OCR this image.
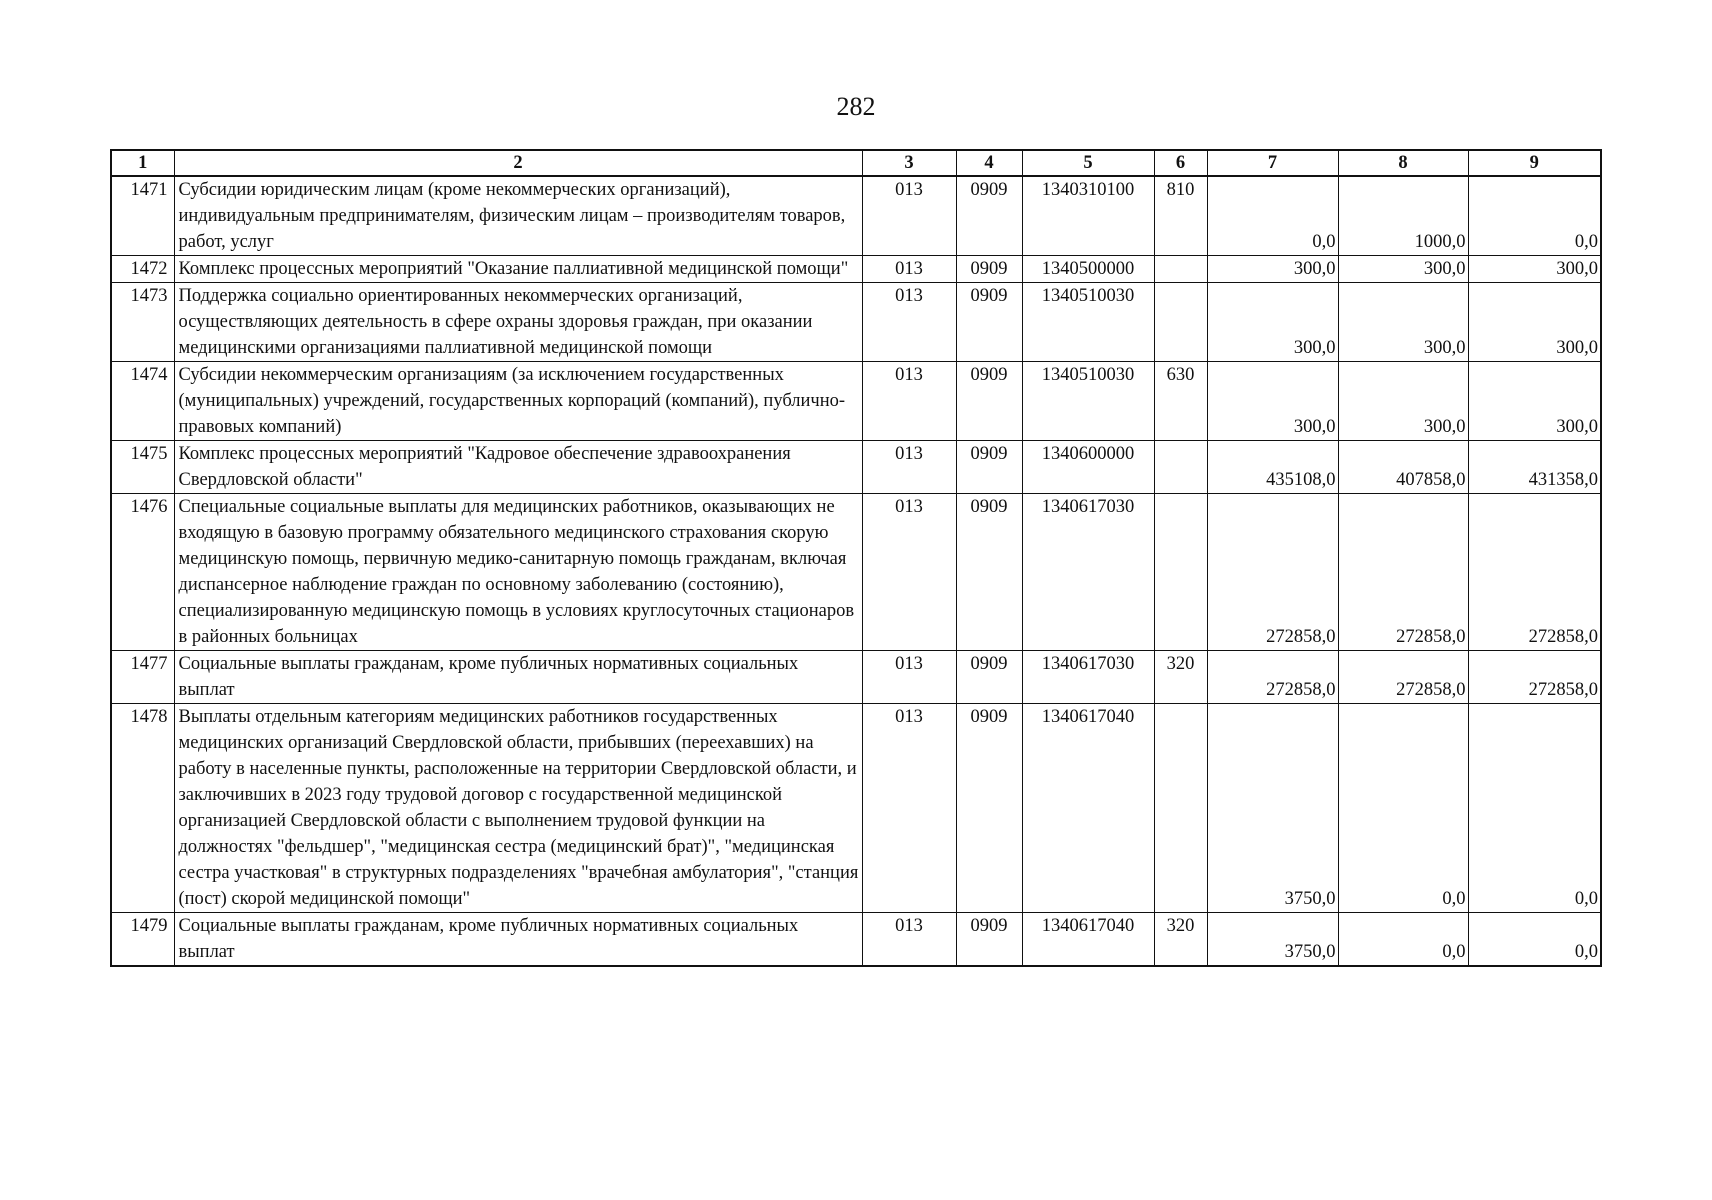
282
1	2	3	4	5	6	7	8	9
1471	Субсидии юридическим лицам (кроме некоммерческих организаций), индивидуальным предпринимателям, физическим лицам – производителям товаров, работ, услуг	013	0909	1340310100	810	0,0	1000,0	0,0
1472	Комплекс процессных мероприятий "Оказание паллиативной медицинской помощи"	013	0909	1340500000		300,0	300,0	300,0
1473	Поддержка социально ориентированных некоммерческих организаций, осуществляющих деятельность в сфере охраны здоровья граждан, при оказании медицинскими организациями паллиативной медицинской помощи	013	0909	1340510030		300,0	300,0	300,0
1474	Субсидии некоммерческим организациям (за исключением государственных (муниципальных) учреждений, государственных корпораций (компаний), публично-правовых компаний)	013	0909	1340510030	630	300,0	300,0	300,0
1475	Комплекс процессных мероприятий "Кадровое обеспечение здравоохранения Свердловской области"	013	0909	1340600000		435108,0	407858,0	431358,0
1476	Специальные социальные выплаты для медицинских работников, оказывающих не входящую в базовую программу обязательного медицинского страхования скорую медицинскую помощь, первичную медико-санитарную помощь гражданам, включая диспансерное наблюдение граждан по основному заболеванию (состоянию), специализированную медицинскую помощь в условиях круглосуточных стационаров в районных больницах	013	0909	1340617030		272858,0	272858,0	272858,0
1477	Социальные выплаты гражданам, кроме публичных нормативных социальных выплат	013	0909	1340617030	320	272858,0	272858,0	272858,0
1478	Выплаты отдельным категориям медицинских работников государственных медицинских организаций Свердловской области, прибывших (переехавших) на работу в населенные пункты, расположенные на территории Свердловской области, и заключивших в 2023 году трудовой договор с государственной медицинской организацией Свердловской области с выполнением трудовой функции на должностях "фельдшер", "медицинская сестра (медицинский брат)", "медицинская сестра участковая" в структурных подразделениях "врачебная амбулатория", "станция (пост) скорой медицинской помощи"	013	0909	1340617040		3750,0	0,0	0,0
1479	Социальные выплаты гражданам, кроме публичных нормативных социальных выплат	013	0909	1340617040	320	3750,0	0,0	0,0
